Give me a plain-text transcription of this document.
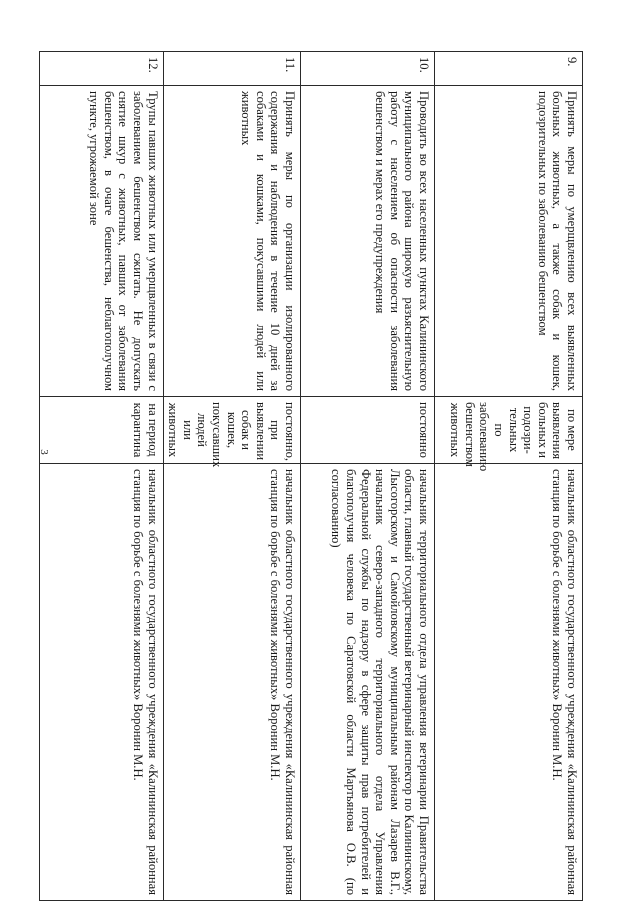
3
9.	Принять меры по умерщвлению всех выявленных больных животных, а также собак и кошек, подозрительных по заболеванию бешенством	по мере выявления больных и подозри-тельных по заболеванию бешенством животных	начальник областного государственного учреждения «Калининская районная станция по борьбе с болезнями животных» Воронин М.Н.
10.	Проводить во всех населенных пунктах Калининского муниципального района широкую разъяснительную работу с населением об опасности заболевания бешенством и мерах его предупреждения	постоянно	начальник территориального отдела управления ветеринарии Правительства области, главный государственный ветеринарный инспектор по Калининскому, Лысогорскому и Самойловскому муниципальным районам Лазарев В.Г., начальник северо-западного территориального отдела Управления Федеральной службы по надзору в сфере защиты прав потребителей и благополучия человека по Саратовской области Мартьянова О.В. (по согласованию)
11.	Принять меры по организации изолированного содержания и наблюдения в течение 10 дней за собаками и кошками, покусавшими людей или животных	постоянно, при выявлении собак и кошек, покусавших людей или животных	начальник областного государственного учреждения «Калининская районная станция по борьбе с болезнями животных» Воронин М.Н.
12.	Трупы павших животных или умерщвленных в связи с заболеванием бешенством сжигать. Не допускать снятие шкур с животных, павших от заболевания бешенством, в очаге бешенства, неблагополучном пункте, угрожаемой зоне	на период карантина	начальник областного государственного учреждения «Калининская районная станция по борьбе с болезнями животных» Воронин М.Н.
